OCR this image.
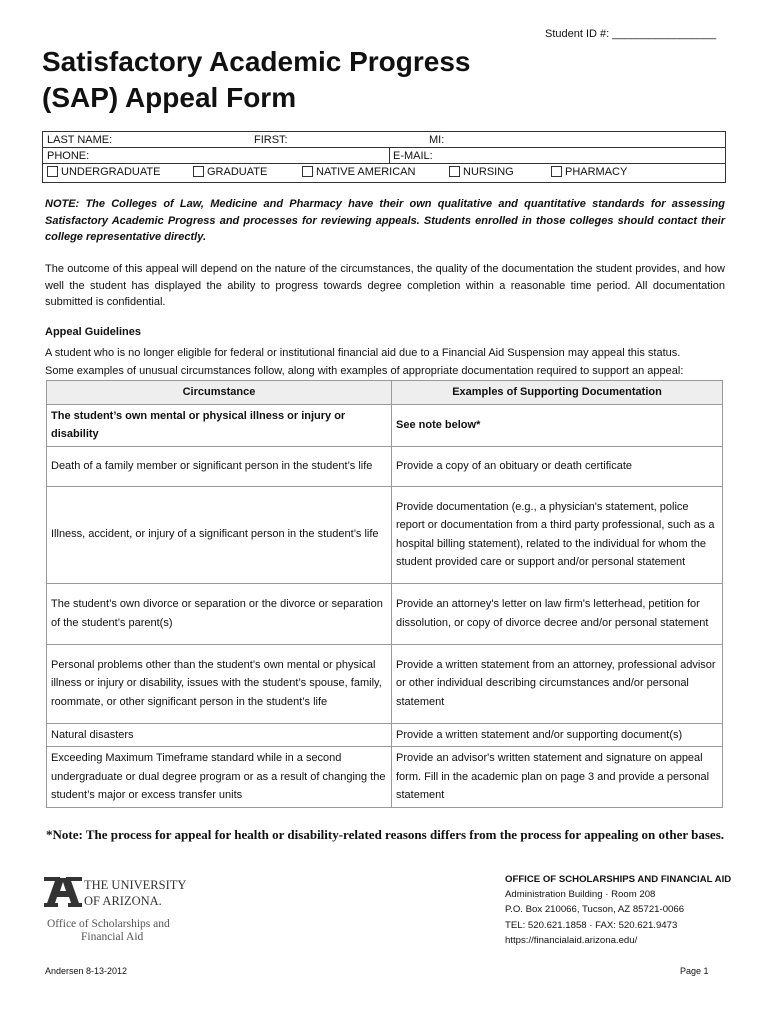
Student ID #: _________________
Satisfactory Academic Progress
(SAP) Appeal Form
LAST NAME:	FIRST:	MI:
PHONE:	E-MAIL:
UNDERGRADUATE	GRADUATE	NATIVE AMERICAN	NURSING	PHARMACY
NOTE: The Colleges of Law, Medicine and Pharmacy have their own qualitative and quantitative standards for assessing Satisfactory Academic Progress and processes for reviewing appeals. Students enrolled in those colleges should contact their college representative directly.
The outcome of this appeal will depend on the nature of the circumstances, the quality of the documentation the student provides, and how well the student has displayed the ability to progress towards degree completion within a reasonable time period. All documentation submitted is confidential.
Appeal Guidelines
A student who is no longer eligible for federal or institutional financial aid due to a Financial Aid Suspension may appeal this status.
Some examples of unusual circumstances follow, along with examples of appropriate documentation required to support an appeal:
Circumstance	Examples of Supporting Documentation
The student’s own mental or physical illness or injury or disability	See note below*
Death of a family member or significant person in the student’s life	Provide a copy of an obituary or death certificate
Illness, accident, or injury of a significant person in the student’s life	Provide documentation (e.g., a physician's statement, police report or documentation from a third party professional, such as a hospital billing statement), related to the individual for whom the student provided care or support and/or personal statement
The student’s own divorce or separation or the divorce or separation of the student’s parent(s)	Provide an attorney's letter on law firm's letterhead, petition for dissolution, or copy of divorce decree and/or personal statement
Personal problems other than the student’s own mental or physical illness or injury or disability, issues with the student’s spouse, family, roommate, or other significant person in the student’s life	Provide a written statement from an attorney, professional advisor or other individual describing circumstances and/or personal statement
Natural disasters	Provide a written statement and/or supporting document(s)
Exceeding Maximum Timeframe standard while in a second undergraduate or dual degree program or as a result of changing the student’s major or excess transfer units	Provide an advisor's written statement and signature on appeal form. Fill in the academic plan on page 3 and provide a personal statement
*Note: The process for appeal for health or disability-related reasons differs from the process for appealing on other bases.
THE UNIVERSITY
OF ARIZONA.
Office of Scholarships and
Financial Aid
OFFICE OF SCHOLARSHIPS AND FINANCIAL AID
Administration Building · Room 208
P.O. Box 210066, Tucson, AZ 85721-0066
TEL: 520.621.1858 · FAX: 520.621.9473
https://financialaid.arizona.edu/
Andersen 8-13-2012	Page 1
